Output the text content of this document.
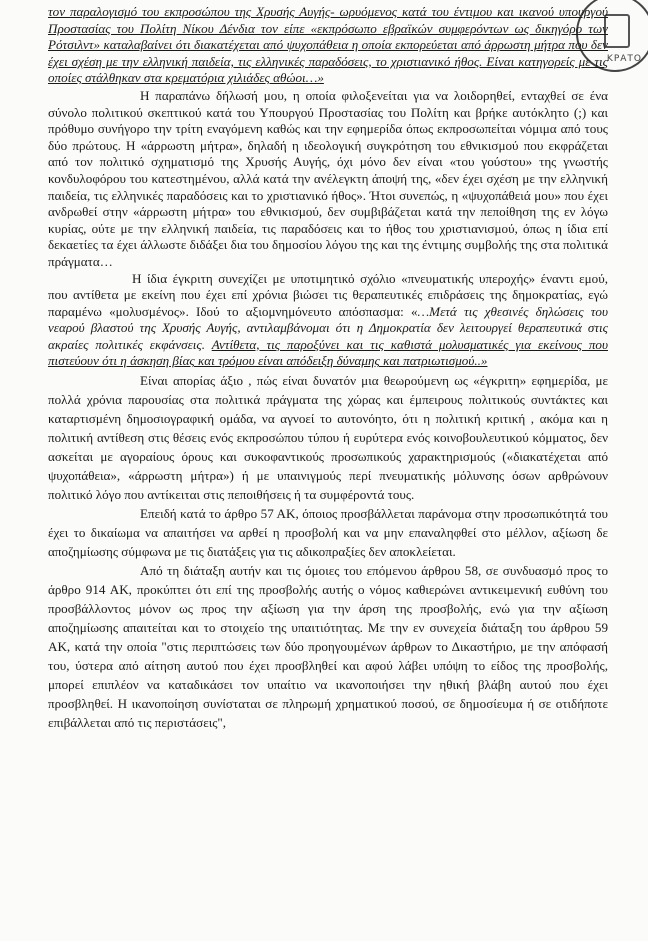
ΚΡΑΤΟ

τον παραλογισμό του εκπροσώπου της Χρυσής Αυγής- ωρυόμενος κατά του έντιμου και ικανού υπουργού Προστασίας του Πολίτη Νίκου Δένδια τον είπε «εκπρόσωπο εβραϊκών συμφερόντων ως δικηγόρο των Ρότσιλντ» καταλαβαίνει ότι διακατέχεται από ψυχοπάθεια η οποία εκπορεύεται από άρρωστη μήτρα που δεν έχει σχέση με την ελληνική παιδεία, τις ελληνικές παραδόσεις, το χριστιανικό ήθος. Είναι κατηγορείς με τις οποίες στάλθηκαν στα κρεματόρια χιλιάδες αθώοι…»

Η παραπάνω δήλωσή μου, η οποία φιλοξενείται για να λοιδορηθεί, ενταχθεί σε ένα σύνολο πολιτικού σκεπτικού κατά του Υπουργού Προστασίας του Πολίτη και βρήκε αυτόκλητο (;) και πρόθυμο συνήγορο την τρίτη εναγόμενη καθώς και την εφημερίδα όπως εκπροσωπείται νόμιμα από τους δύο πρώτους. Η «άρρωστη μήτρα», δηλαδή η ιδεολογική συγκρότηση του εθνικισμού που εκφράζεται από τον πολιτικό σχηματισμό της Χρυσής Αυγής, όχι μόνο δεν είναι «του γούστου» της γνωστής κονδυλοφόρου του κατεστημένου, αλλά κατά την ανέλεγκτη άποψή της, «δεν έχει σχέση με την ελληνική παιδεία, τις ελληνικές παραδόσεις και το χριστιανικό ήθος». Ήτοι συνεπώς, η «ψυχοπάθειά μου» που έχει ανδρωθεί στην «άρρωστη μήτρα» του εθνικισμού, δεν συμβιβάζεται κατά την πεποίθηση της εν λόγω κυρίας, ούτε με την ελληνική παιδεία, τις παραδόσεις και το ήθος του χριστιανισμού, όπως η ίδια επί δεκαετίες τα έχει άλλωστε διδάξει δια του δημοσίου λόγου της και της έντιμης συμβολής της στα πολιτικά πράγματα…

Η ίδια έγκριτη συνεχίζει με υποτιμητικό σχόλιο «πνευματικής υπεροχής» έναντι εμού, που αντίθετα με εκείνη που έχει επί χρόνια βιώσει τις θεραπευτικές επιδράσεις της δημοκρατίας, εγώ παραμένω «μολυσμένος». Ιδού το αξιομνημόνευτο απόσπασμα: «…Μετά τις χθεσινές δηλώσεις του νεαρού βλαστού της Χρυσής Αυγής, αντιλαμβάνομαι ότι η Δημοκρατία δεν λειτουργεί θεραπευτικά στις ακραίες πολιτικές εκφάνσεις. Αντίθετα, τις παροξύνει και τις καθιστά μολυσματικές για εκείνους που πιστεύουν ότι η άσκηση βίας και τρόμου είναι απόδειξη δύναμης και πατριωτισμού..»

Είναι απορίας άξιο , πώς είναι δυνατόν μια θεωρούμενη ως «έγκριτη» εφημερίδα, με πολλά χρόνια παρουσίας στα πολιτικά πράγματα της χώρας και έμπειρους πολιτικούς συντάκτες και καταρτισμένη δημοσιογραφική ομάδα, να αγνοεί το αυτονόητο, ότι η πολιτική κριτική , ακόμα και η πολιτική αντίθεση στις θέσεις ενός εκπροσώπου τύπου ή ευρύτερα ενός κοινοβουλευτικού κόμματος, δεν ασκείται με αγοραίους όρους και συκοφαντικούς προσωπικούς χαρακτηρισμούς («διακατέχεται από ψυχοπάθεια», «άρρωστη μήτρα») ή με υπαινιγμούς περί πνευματικής μόλυνσης όσων αρθρώνουν πολιτικό λόγο που αντίκειται στις πεποιθήσεις ή τα συμφέροντά τους.

Επειδή κατά το άρθρο 57 ΑΚ, όποιος προσβάλλεται παράνομα στην προσωπικότητά του έχει το δικαίωμα να απαιτήσει να αρθεί η προσβολή και να μην επαναληφθεί στο μέλλον, αξίωση δε αποζημίωσης σύμφωνα με τις διατάξεις για τις αδικοπραξίες δεν αποκλείεται.

Από τη διάταξη αυτήν και τις όμοιες του επόμενου άρθρου 58, σε συνδυασμό προς το άρθρο 914 ΑΚ, προκύπτει ότι επί της προσβολής αυτής ο νόμος καθιερώνει αντικειμενική ευθύνη του προσβάλλοντος μόνον ως προς την αξίωση για την άρση της προσβολής, ενώ για την αξίωση αποζημίωσης απαιτείται και το στοιχείο της υπαιτιότητας. Με την εν συνεχεία διάταξη του άρθρου 59 ΑΚ, κατά την οποία "στις περιπτώσεις των δύο προηγουμένων άρθρων το Δικαστήριο, με την απόφασή του, ύστερα από αίτηση αυτού που έχει προσβληθεί και αφού λάβει υπόψη το είδος της προσβολής, μπορεί επιπλέον να καταδικάσει τον υπαίτιο να ικανοποιήσει την ηθική βλάβη αυτού που έχει προσβληθεί. Η ικανοποίηση συνίσταται σε πληρωμή χρηματικού ποσού, σε δημοσίευμα ή σε οτιδήποτε επιβάλλεται από τις περιστάσεις",
